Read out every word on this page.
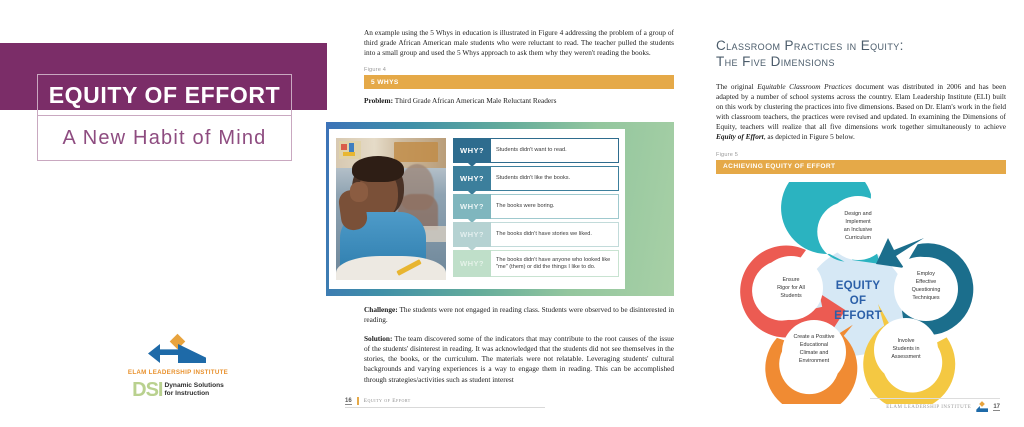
EQUITY OF EFFORT
A New Habit of Mind

An example using the 5 Whys in education is illustrated in Figure 4 addressing the problem of a group of third grade African American male students who were reluctant to read. The teacher pulled the students into a small group and used the 5 Whys approach to ask them why they weren't reading the books.

Figure 4

5 WHYS

Problem: Third Grade African American Male Reluctant Readers

WHY?	Students didn't want to read.
WHY?	Students didn't like the books.
WHY?	The books were boring.
WHY?	The books didn't have stories we liked.
WHY?	The books didn't have anyone who looked like "me" (them) or did the things I like to do.

Challenge: The students were not engaged in reading class. Students were observed to be disinterested in reading.

Solution: The team discovered some of the indicators that may contribute to the root causes of the issue of the students' disinterest in reading. It was acknowledged that the students did not see themselves in the stories, the books, or the curriculum. The materials were not relatable. Leveraging students' cultural backgrounds and varying experiences is a way to engage them in reading. This can be accomplished through strategies/activities such as student interest

16 Equity of Effort
ELAM LEADERSHIP INSTITUTE
DSI Dynamic Solutions
for Instruction
Classroom Practices in Equity:
The Five Dimensions

The original Equitable Classroom Practices document was distributed in 2006 and has been adapted by a number of school systems across the country. Elam Leadership Institute (ELI) built on this work by clustering the practices into five dimensions. Based on Dr. Elam's work in the field with classroom teachers, the practices were revised and updated. In examining the Dimensions of Equity, teachers will realize that all five dimensions work together simultaneously to achieve Equity of Effort, as depicted in Figure 5 below.

Figure 5

ACHIEVING EQUITY OF EFFORT
EQUITY
OF
EFFORT
Design and
Implement
an Inclusive
Curriculum
Employ
Effective
Questioning
Techniques
Involve
Students in
Assessment
Create a Positive
Educational
Climate and
Environment
Ensure
Rigor for All
Students
ELAM LEADERSHIP INSTITUTE	17
